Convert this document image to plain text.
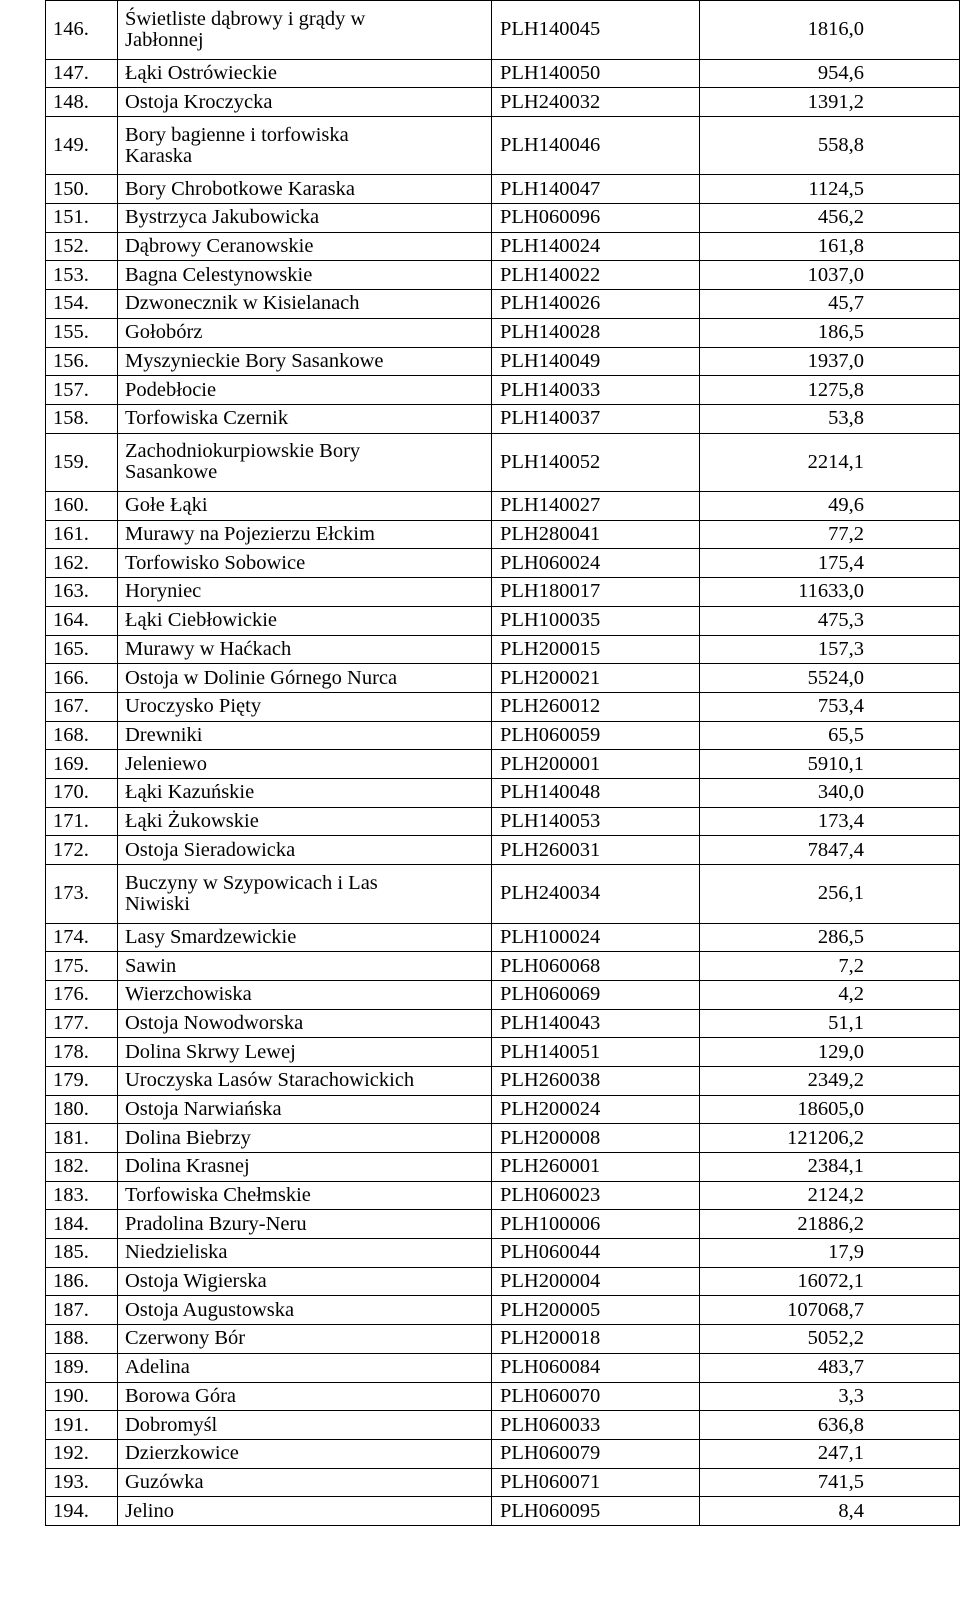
146.	Świetliste dąbrowy i grądy w
Jabłonnej	PLH140045	1816,0
147.	Łąki Ostrówieckie	PLH140050	954,6
148.	Ostoja Kroczycka	PLH240032	1391,2
149.	Bory bagienne i torfowiska
Karaska	PLH140046	558,8
150.	Bory Chrobotkowe Karaska	PLH140047	1124,5
151.	Bystrzyca Jakubowicka	PLH060096	456,2
152.	Dąbrowy Ceranowskie	PLH140024	161,8
153.	Bagna Celestynowskie	PLH140022	1037,0
154.	Dzwonecznik w Kisielanach	PLH140026	45,7
155.	Gołobórz	PLH140028	186,5
156.	Myszynieckie Bory Sasankowe	PLH140049	1937,0
157.	Podebłocie	PLH140033	1275,8
158.	Torfowiska Czernik	PLH140037	53,8
159.	Zachodniokurpiowskie Bory
Sasankowe	PLH140052	2214,1
160.	Gołe Łąki	PLH140027	49,6
161.	Murawy na Pojezierzu Ełckim	PLH280041	77,2
162.	Torfowisko Sobowice	PLH060024	175,4
163.	Horyniec	PLH180017	11633,0
164.	Łąki Ciebłowickie	PLH100035	475,3
165.	Murawy w Haćkach	PLH200015	157,3
166.	Ostoja w Dolinie Górnego Nurca	PLH200021	5524,0
167.	Uroczysko Pięty	PLH260012	753,4
168.	Drewniki	PLH060059	65,5
169.	Jeleniewo	PLH200001	5910,1
170.	Łąki Kazuńskie	PLH140048	340,0
171.	Łąki Żukowskie	PLH140053	173,4
172.	Ostoja Sieradowicka	PLH260031	7847,4
173.	Buczyny w Szypowicach i Las
Niwiski	PLH240034	256,1
174.	Lasy Smardzewickie	PLH100024	286,5
175.	Sawin	PLH060068	7,2
176.	Wierzchowiska	PLH060069	4,2
177.	Ostoja Nowodworska	PLH140043	51,1
178.	Dolina Skrwy Lewej	PLH140051	129,0
179.	Uroczyska Lasów Starachowickich	PLH260038	2349,2
180.	Ostoja Narwiańska	PLH200024	18605,0
181.	Dolina Biebrzy	PLH200008	121206,2
182.	Dolina Krasnej	PLH260001	2384,1
183.	Torfowiska Chełmskie	PLH060023	2124,2
184.	Pradolina Bzury-Neru	PLH100006	21886,2
185.	Niedzieliska	PLH060044	17,9
186.	Ostoja Wigierska	PLH200004	16072,1
187.	Ostoja Augustowska	PLH200005	107068,7
188.	Czerwony Bór	PLH200018	5052,2
189.	Adelina	PLH060084	483,7
190.	Borowa Góra	PLH060070	3,3
191.	Dobromyśl	PLH060033	636,8
192.	Dzierzkowice	PLH060079	247,1
193.	Guzówka	PLH060071	741,5
194.	Jelino	PLH060095	8,4
